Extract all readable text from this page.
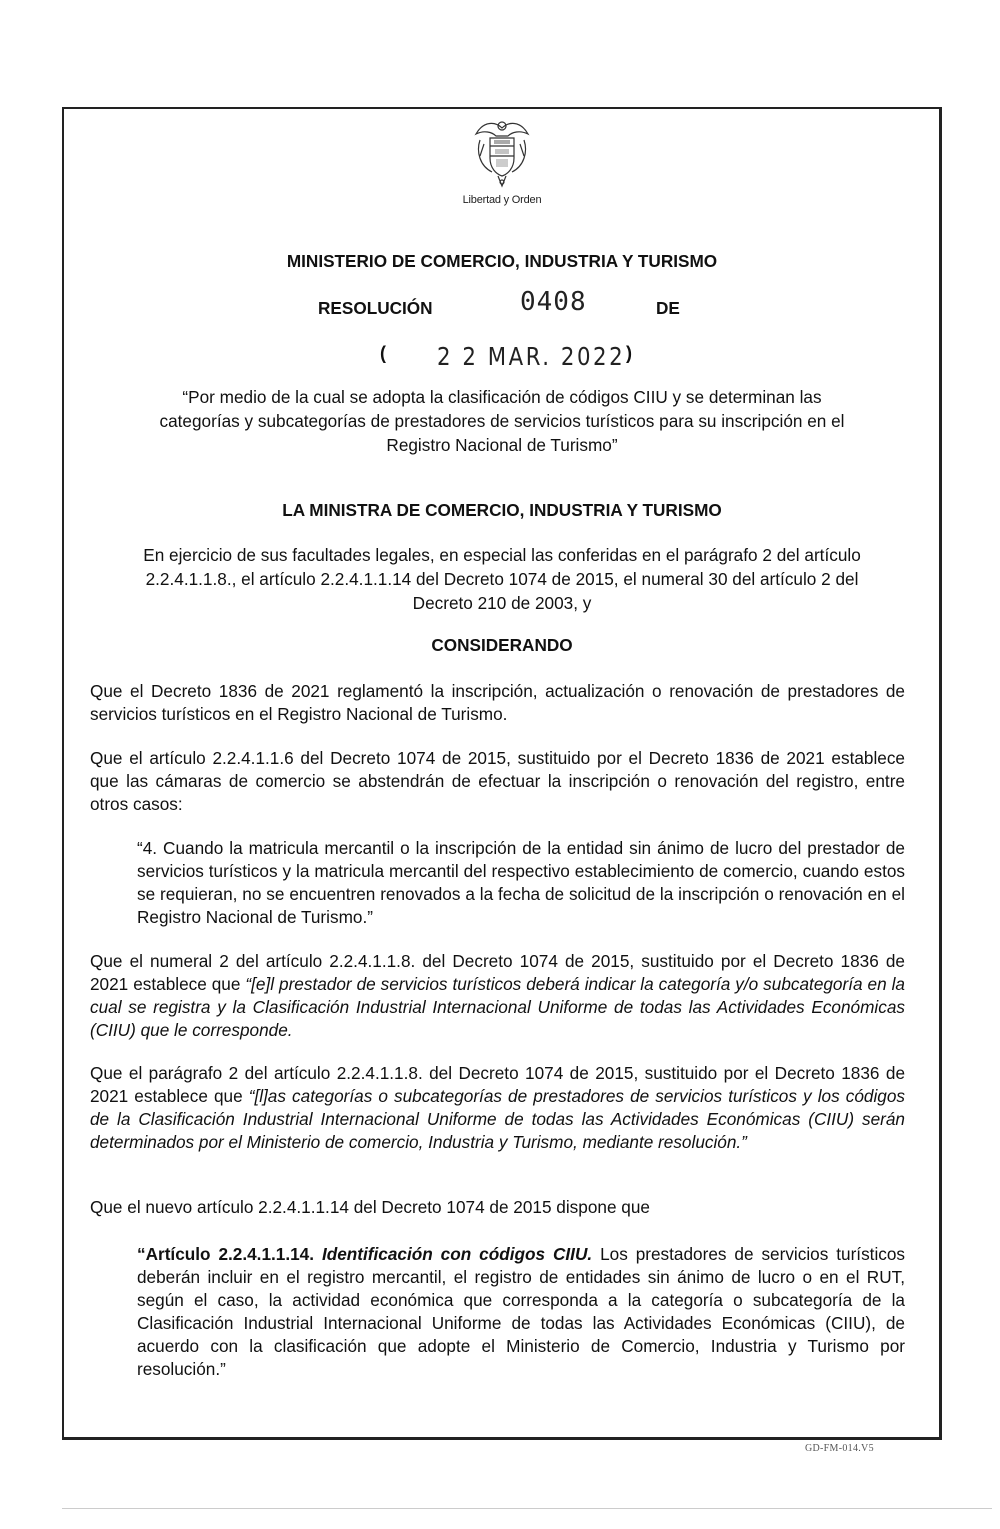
Libertad y Orden
MINISTERIO DE COMERCIO, INDUSTRIA Y TURISMO
RESOLUCIÓN	0408	DE
( 2 2 MAR. 2022 )
“Por medio de la cual se adopta la clasificación de códigos CIIU y se determinan las
categorías y subcategorías de prestadores de servicios turísticos para su inscripción en el
Registro Nacional de Turismo”
LA MINISTRA DE COMERCIO, INDUSTRIA Y TURISMO
En ejercicio de sus facultades legales, en especial las conferidas en el parágrafo 2 del artículo
2.2.4.1.1.8., el artículo 2.2.4.1.1.14 del Decreto 1074 de 2015, el numeral 30 del artículo 2 del
Decreto 210 de 2003, y
CONSIDERANDO
Que el Decreto 1836 de 2021 reglamentó la inscripción, actualización o renovación de prestadores de servicios turísticos en el Registro Nacional de Turismo.
Que el artículo 2.2.4.1.1.6 del Decreto 1074 de 2015, sustituido por el Decreto 1836 de 2021 establece que las cámaras de comercio se abstendrán de efectuar la inscripción o renovación del registro, entre otros casos:
“4. Cuando la matricula mercantil o la inscripción de la entidad sin ánimo de lucro del prestador de servicios turísticos y la matricula mercantil del respectivo establecimiento de comercio, cuando estos se requieran, no se encuentren renovados a la fecha de solicitud de la inscripción o renovación en el Registro Nacional de Turismo.”
Que el numeral 2 del artículo 2.2.4.1.1.8. del Decreto 1074 de 2015, sustituido por el Decreto 1836 de 2021 establece que “[e]l prestador de servicios turísticos deberá indicar la categoría y/o subcategoría en la cual se registra y la Clasificación Industrial Internacional Uniforme de todas las Actividades Económicas (CIIU) que le corresponde.
Que el parágrafo 2 del artículo 2.2.4.1.1.8. del Decreto 1074 de 2015, sustituido por el Decreto 1836 de 2021 establece que “[l]as categorías o subcategorías de prestadores de servicios turísticos y los códigos de la Clasificación Industrial Internacional Uniforme de todas las Actividades Económicas (CIIU) serán determinados por el Ministerio de comercio, Industria y Turismo, mediante resolución.”
Que el nuevo artículo 2.2.4.1.1.14 del Decreto 1074 de 2015 dispone que
“Artículo 2.2.4.1.1.14. Identificación con códigos CIIU. Los prestadores de servicios turísticos deberán incluir en el registro mercantil, el registro de entidades sin ánimo de lucro o en el RUT, según el caso, la actividad económica que corresponda a la categoría o subcategoría de la Clasificación Industrial Internacional Uniforme de todas las Actividades Económicas (CIIU), de acuerdo con la clasificación que adopte el Ministerio de Comercio, Industria y Turismo por resolución.”
GD-FM-014.V5
